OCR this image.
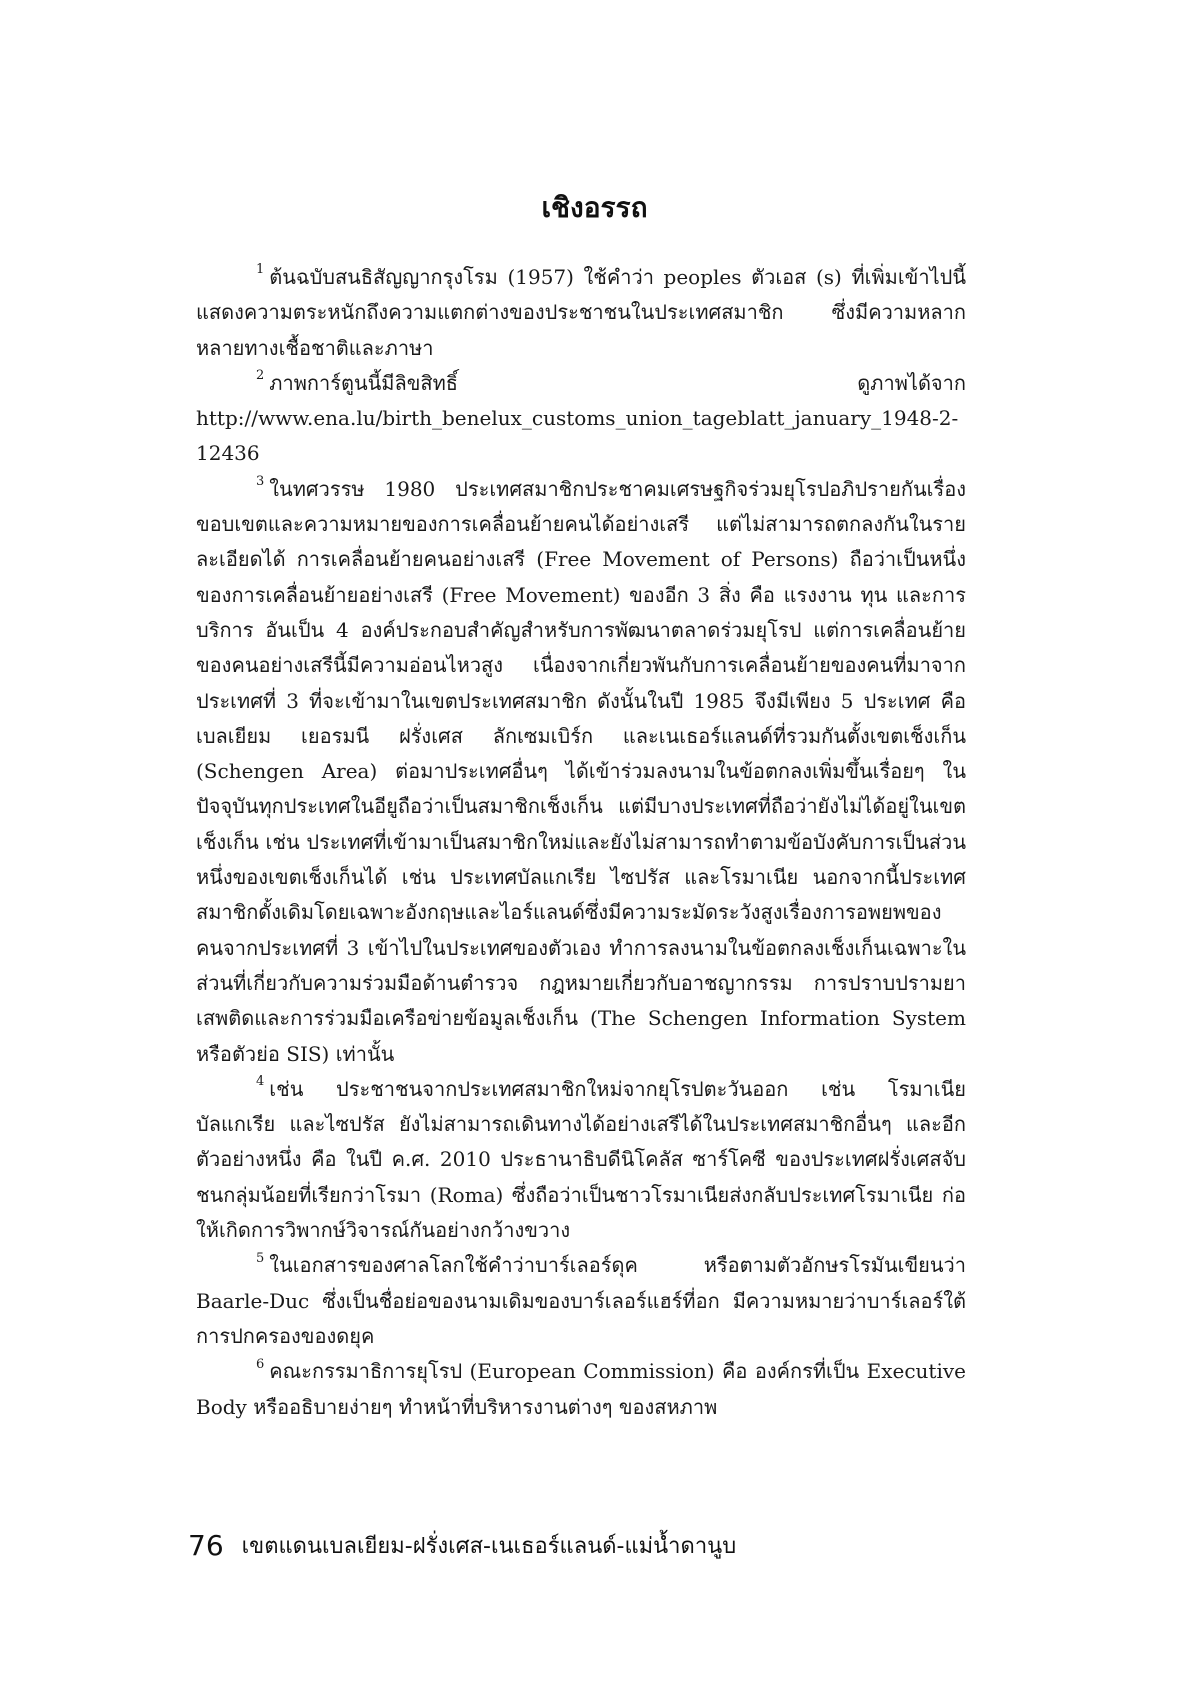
เชิงอรรถ

$^1$ ต้นฉบับสนธิสัญญากรุงโรม (1957) ใช้คำว่า peoples ตัวเอส (s) ที่เพิ่มเข้าไปนี้ แสดงความตระหนักถึงความแตกต่างของประชาชนในประเทศสมาชิก ซึ่งมีความหลากหลายทางเชื้อชาติและภาษา

$^2$ ภาพการ์ตูนนี้มีลิขสิทธิ์ ดูภาพได้จาก http://www.ena.lu/birth_benelux_customs_union_tageblatt_january_1948-2-12436

$^3$ ในทศวรรษ 1980 ประเทศสมาชิกประชาคมเศรษฐกิจร่วมยุโรปอภิปรายกันเรื่อง ขอบเขตและความหมายของการเคลื่อนย้ายคนได้อย่างเสรี แต่ไม่สามารถตกลงกันในรายละเอียดได้ การเคลื่อนย้ายคนอย่างเสรี (Free Movement of Persons) ถือว่าเป็นหนึ่งของการเคลื่อนย้ายอย่างเสรี (Free Movement) ของอีก 3 สิ่ง คือ แรงงาน ทุน และการบริการ อันเป็น 4 องค์ประกอบสำคัญสำหรับการพัฒนาตลาดร่วมยุโรป แต่การเคลื่อนย้ายของคนอย่างเสรีนี้มีความอ่อนไหวสูง เนื่องจากเกี่ยวพันกับการเคลื่อนย้ายของคนที่มาจากประเทศที่ 3 ที่จะเข้ามาในเขตประเทศสมาชิก ดังนั้นในปี 1985 จึงมีเพียง 5 ประเทศ คือ เบลเยียม เยอรมนี ฝรั่งเศส ลักเซมเบิร์ก และเนเธอร์แลนด์ที่รวมกันตั้งเขตเช็งเก็น (Schengen Area) ต่อมาประเทศอื่นๆ ได้เข้าร่วมลงนามในข้อตกลงเพิ่มขึ้นเรื่อยๆ ในปัจจุบันทุกประเทศในอียูถือว่าเป็นสมาชิกเช็งเก็น แต่มีบางประเทศที่ถือว่ายังไม่ได้อยู่ในเขตเช็งเก็น เช่น ประเทศที่เข้ามาเป็นสมาชิกใหม่และยังไม่สามารถทำตามข้อบังคับการเป็นส่วนหนึ่งของเขตเช็งเก็นได้ เช่น ประเทศบัลแกเรีย ไซปรัส และโรมาเนีย นอกจากนี้ประเทศสมาชิกดั้งเดิมโดยเฉพาะอังกฤษและไอร์แลนด์ซึ่งมีความระมัดระวังสูงเรื่องการอพยพของคนจากประเทศที่ 3 เข้าไปในประเทศของตัวเอง ทำการลงนามในข้อตกลงเช็งเก็นเฉพาะในส่วนที่เกี่ยวกับความร่วมมือด้านตำรวจ กฎหมายเกี่ยวกับอาชญากรรม การปราบปรามยาเสพติดและการร่วมมือเครือข่ายข้อมูลเช็งเก็น (The Schengen Information System หรือตัวย่อ SIS) เท่านั้น

$^4$ เช่น ประชาชนจากประเทศสมาชิกใหม่จากยุโรปตะวันออก เช่น โรมาเนีย บัลแกเรีย และไซปรัส ยังไม่สามารถเดินทางได้อย่างเสรีได้ในประเทศสมาชิกอื่นๆ และอีกตัวอย่างหนึ่ง คือ ในปี ค.ศ. 2010 ประธานาธิบดีนิโคลัส ซาร์โคซี ของประเทศฝรั่งเศสจับชนกลุ่มน้อยที่เรียกว่าโรมา (Roma) ซึ่งถือว่าเป็นชาวโรมาเนียส่งกลับประเทศโรมาเนีย ก่อให้เกิดการวิพากษ์วิจารณ์กันอย่างกว้างขวาง

$^5$ ในเอกสารของศาลโลกใช้คำว่าบาร์เลอร์ดุค หรือตามตัวอักษรโรมันเขียนว่า Baarle-Duc ซึ่งเป็นชื่อย่อของนามเดิมของบาร์เลอร์แฮร์ที่อก มีความหมายว่าบาร์เลอร์ใต้การปกครองของดยุค

$^6$ คณะกรรมาธิการยุโรป (European Commission) คือ องค์กรที่เป็น Executive Body หรืออธิบายง่ายๆ ทำหน้าที่บริหารงานต่างๆ ของสหภาพ

76 เขตแดนเบลเยียม-ฝรั่งเศส-เนเธอร์แลนด์-แม่น้ำดานูบ
